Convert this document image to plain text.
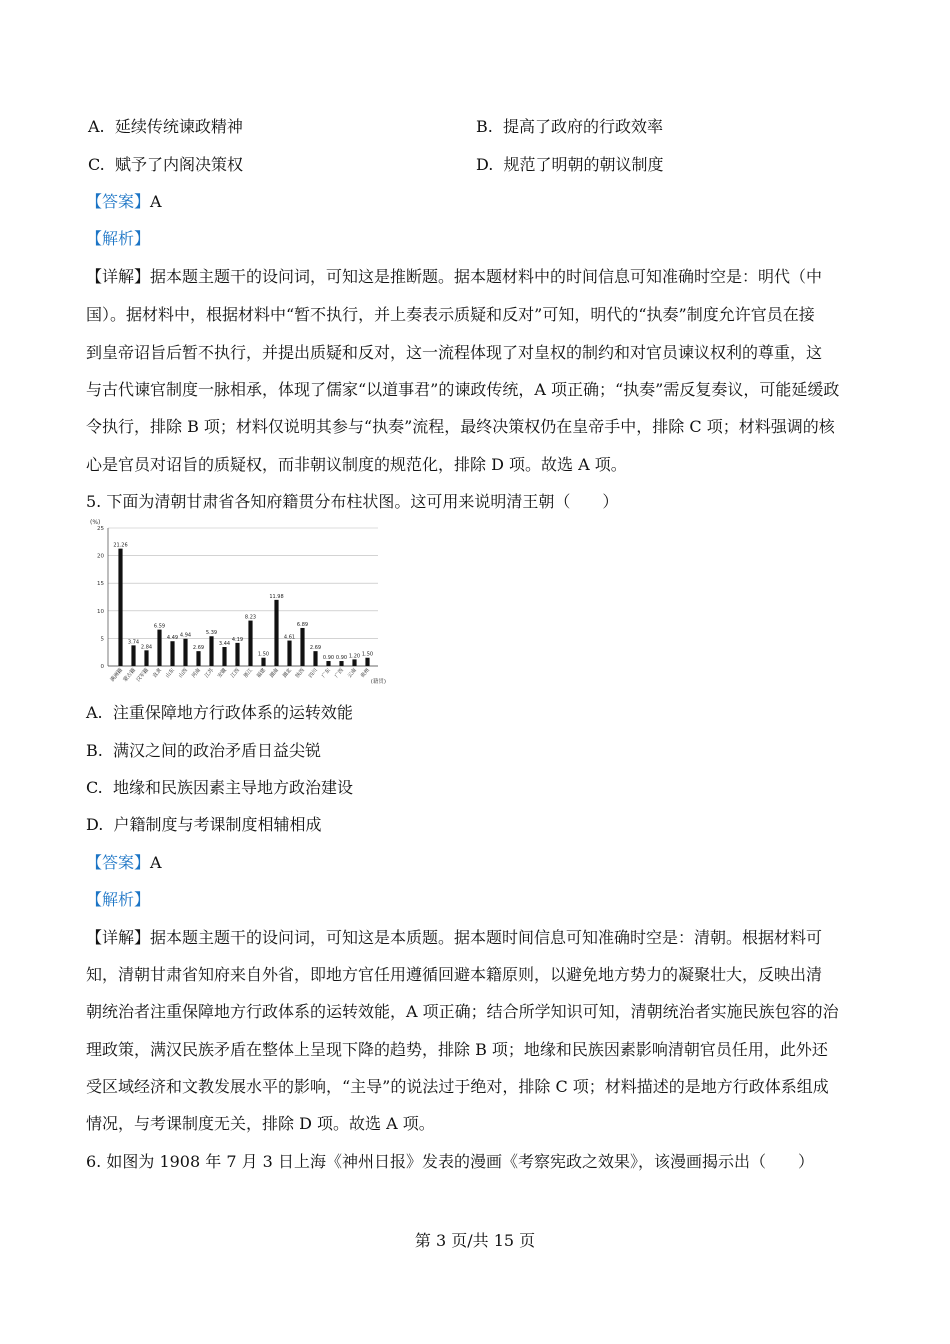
A. 延续传统谏政精神	B. 提高了政府的行政效率
C. 赋予了内阁决策权	D. 规范了明朝的朝议制度
【答案】A
【解析】
【详解】据本题主题干的设问词，可知这是推断题。据本题材料中的时间信息可知准确时空是：明代（中
国）。据材料中，根据材料中“暂不执行，并上奏表示质疑和反对”可知，明代的“执奏”制度允许官员在接
到皇帝诏旨后暂不执行，并提出质疑和反对，这一流程体现了对皇权的制约和对官员谏议权利的尊重，这
与古代谏官制度一脉相承，体现了儒家“以道事君”的谏政传统，A 项正确；“执奏”需反复奏议，可能延缓政
令执行，排除 B 项；材料仅说明其参与“执奏”流程，最终决策权仍在皇帝手中，排除 C 项；材料强调的核
心是官员对诏旨的质疑权，而非朝议制度的规范化，排除 D 项。故选 A 项。
5. 下面为清朝甘肃省各知府籍贯分布柱状图。这可用来说明清王朝（　　）
0
5
10
15
20
25
(%)
21.26
满洲籍
3.74
蒙古籍
2.84
汉军籍
6.59
直隶
4.49
山东
4.94
山西
2.69
河南
5.39
江苏
3.44
安徽
4.19
江西
8.23
浙江
1.50
福建
11.98
湖南
4.61
湖北
6.89
陕西
2.69
四川
0.90
广东
0.90
广西
1.20
云南
1.50
贵州
(籍贯)
A. 注重保障地方行政体系的运转效能
B. 满汉之间的政治矛盾日益尖锐
C. 地缘和民族因素主导地方政治建设
D. 户籍制度与考课制度相辅相成
【答案】A
【解析】
【详解】据本题主题干的设问词，可知这是本质题。据本题时间信息可知准确时空是：清朝。根据材料可
知，清朝甘肃省知府来自外省，即地方官任用遵循回避本籍原则，以避免地方势力的凝聚壮大，反映出清
朝统治者注重保障地方行政体系的运转效能，A 项正确；结合所学知识可知，清朝统治者实施民族包容的治
理政策，满汉民族矛盾在整体上呈现下降的趋势，排除 B 项；地缘和民族因素影响清朝官员任用，此外还
受区域经济和文教发展水平的影响，“主导”的说法过于绝对，排除 C 项；材料描述的是地方行政体系组成
情况，与考课制度无关，排除 D 项。故选 A 项。
6. 如图为 1908 年 7 月 3 日上海《神州日报》发表的漫画《考察宪政之效果》，该漫画揭示出（　　）
第 3 页/共 15 页
